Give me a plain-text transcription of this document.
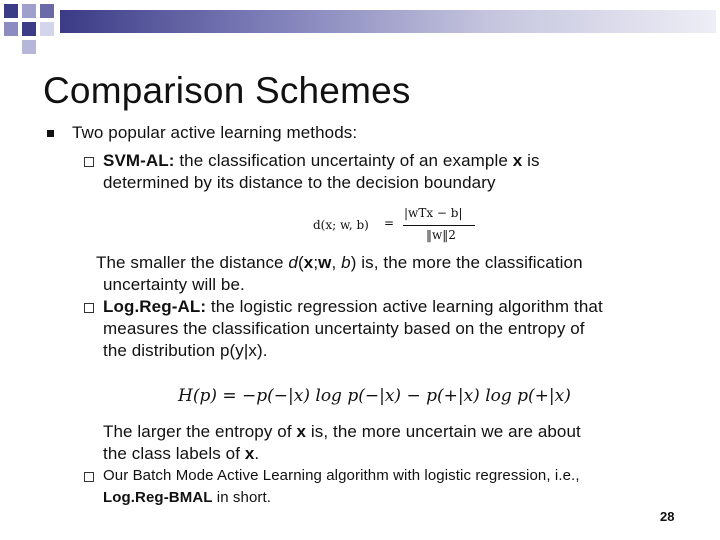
Comparison Schemes
Two popular active learning methods:
SVM-AL: the classification uncertainty of an example x is
determined by its distance to the decision boundary
d(x; w, b) =
|wTx − b|
‖w‖2
The smaller the distance d(x;w, b) is, the more the classification
uncertainty will be.
Log.Reg-AL: the logistic regression active learning algorithm that
measures the classification uncertainty based on the entropy of
the distribution p(y|x).
H(p) = −p(−|x) log p(−|x) − p(+|x) log p(+|x)
The larger the entropy of x is, the more uncertain we are about
the class labels of x.
Our Batch Mode Active Learning algorithm with logistic regression, i.e.,
Log.Reg-BMAL in short.
28
